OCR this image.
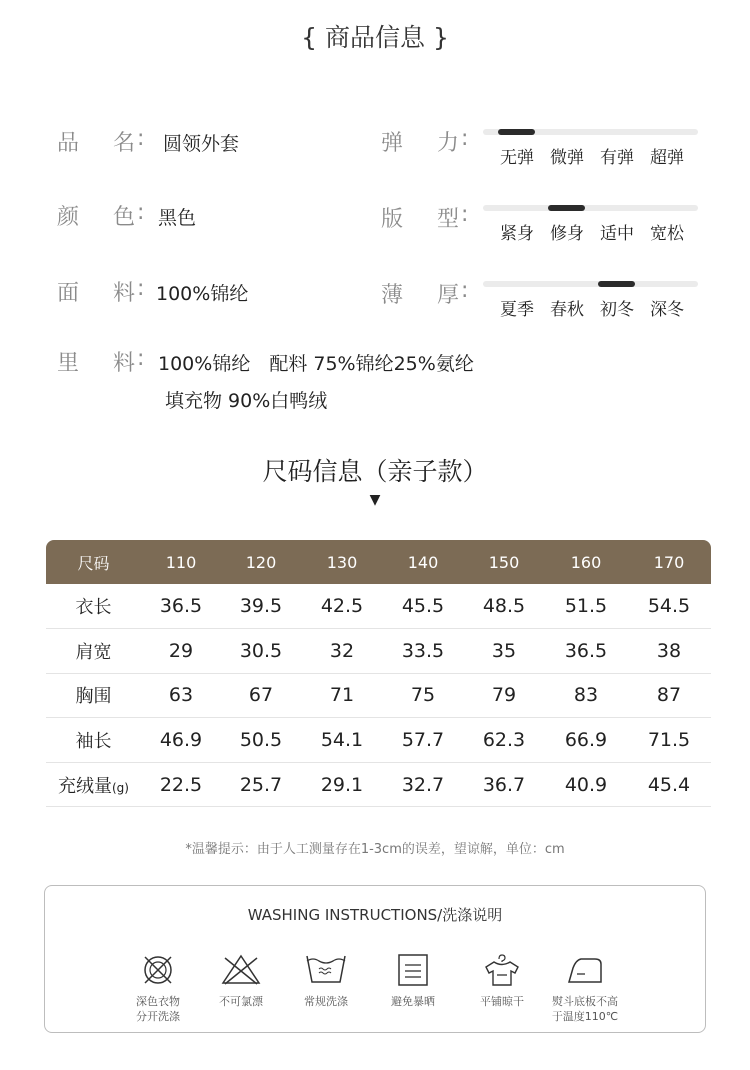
{ 商品信息 }
品 名 : 圆领外套
颜 色 : 黑色
面 料 : 100%锦纶
里 料 : 100%锦纶　配料 75%锦纶25%氨纶
填充物 90%白鸭绒
弹 力 :
无弹 微弹 有弹 超弹
版 型 :
紧身 修身 适中 宽松
薄 厚 :
夏季 春秋 初冬 深冬
尺码信息（亲子款）
▼
尺码	110	120	130	140	150	160	170
衣长	36.5	39.5	42.5	45.5	48.5	51.5	54.5
肩宽	29	30.5	32	33.5	35	36.5	38
胸围	63	67	71	75	79	83	87
袖长	46.9	50.5	54.1	57.7	62.3	66.9	71.5
充绒量(g)	22.5	25.7	29.1	32.7	36.7	40.9	45.4
*温馨提示：由于人工测量存在1-3cm的误差，望谅解，单位：cm
WASHING INSTRUCTIONS/洗涤说明
深色衣物
分开洗涤
不可氯漂	常规洗涤	避免暴晒	平铺晾干	熨斗底板不高
于温度110℃
